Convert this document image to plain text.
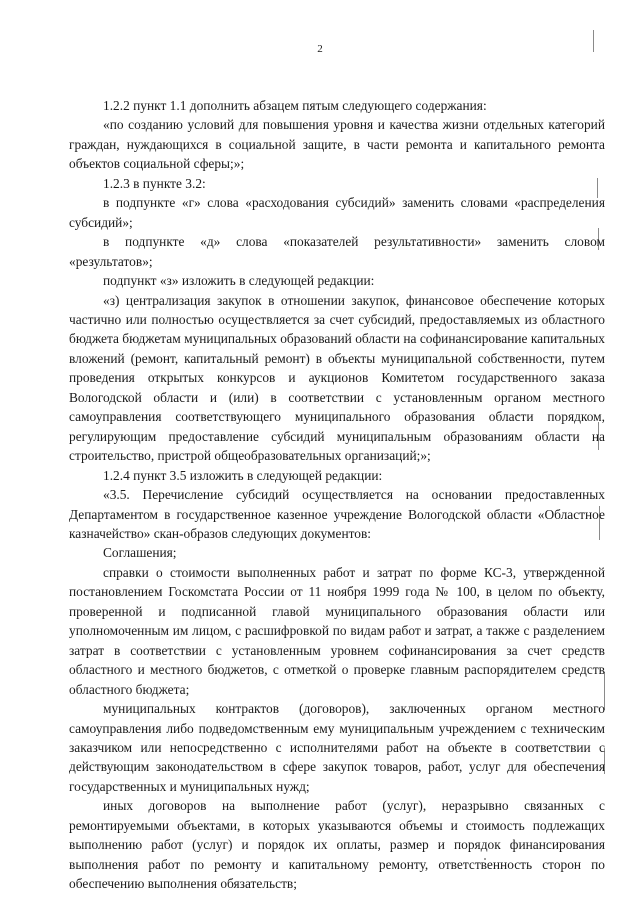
2

1.2.2 пункт 1.1 дополнить абзацем пятым следующего содержания:

«по созданию условий для повышения уровня и качества жизни отдельных категорий граждан, нуждающихся в социальной защите, в части ремонта и капитального ремонта объектов социальной сферы;»;

1.2.3 в пункте 3.2:

в подпункте «г» слова «расходования субсидий» заменить словами «распределения субсидий»;

в подпункте «д» слова «показателей результативности» заменить словом «результатов»;

подпункт «з» изложить в следующей редакции:

«з) централизация закупок в отношении закупок, финансовое обеспечение которых частично или полностью осуществляется за счет субсидий, предоставляемых из областного бюджета бюджетам муниципальных образований области на софинансирование капитальных вложений (ремонт, капитальный ремонт) в объекты муниципальной собственности, путем проведения открытых конкурсов и аукционов Комитетом государственного заказа Вологодской области и (или) в соответствии с установленным органом местного самоуправления соответствующего муниципального образования области порядком, регулирующим предоставление субсидий муниципальным образованиям области на строительство, пристрой общеобразовательных организаций;»;

1.2.4 пункт 3.5 изложить в следующей редакции:

«3.5. Перечисление субсидий осуществляется на основании предоставленных Департаментом в государственное казенное учреждение Вологодской области «Областное казначейство» скан-образов следующих документов:

Соглашения;

справки о стоимости выполненных работ и затрат по форме КС-3, утвержденной постановлением Госкомстата России от 11 ноября 1999 года № 100, в целом по объекту, проверенной и подписанной главой муниципального образования области или уполномоченным им лицом, с расшифровкой по видам работ и затрат, а также с разделением затрат в соответствии с установленным уровнем софинансирования за счет средств областного и местного бюджетов, с отметкой о проверке главным распорядителем средств областного бюджета;

муниципальных контрактов (договоров), заключенных органом местного самоуправления либо подведомственным ему муниципальным учреждением с техническим заказчиком или непосредственно с исполнителями работ на объекте в соответствии с действующим законодательством в сфере закупок товаров, работ, услуг для обеспечения государственных и муниципальных нужд;

иных договоров на выполнение работ (услуг), неразрывно связанных с ремонтируемыми объектами, в которых указываются объемы и стоимость подлежащих выполнению работ (услуг) и порядок их оплаты, размер и порядок финансирования выполнения работ по ремонту и капитальному ремонту, ответственность сторон по обеспечению выполнения обязательств;
